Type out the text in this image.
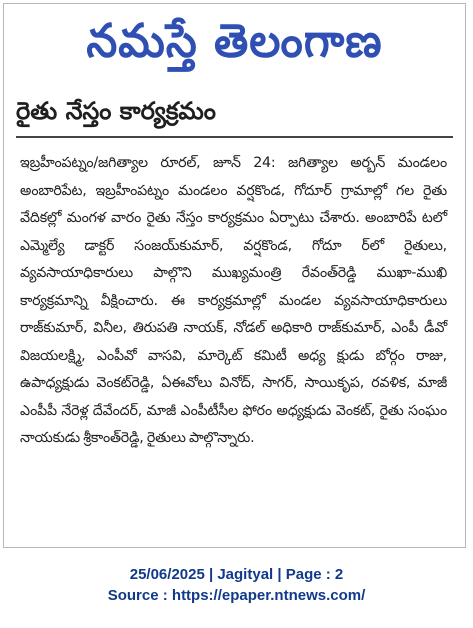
నమస్తే తెలంగాణ
రైతు నేస్తం కార్యక్రమం
ఇబ్రహీంపట్నం/జగిత్యాల రూరల్, జూన్ 24: జగిత్యాల అర్బన్ మండలం అంబారిపేట, ఇబ్రహీంపట్నం మండలం వర్షకొండ, గోదూర్ గ్రామాల్లో గల రైతు వేదికల్లో మంగళ వారం రైతు నేస్తం కార్యక్రమం ఏర్పాటు చేశారు. అంబారిపే టలో ఎమ్మెల్యే డాక్టర్ సంజయ్‌కుమార్, వర్షకొండ, గోదూ ర్‌లో రైతులు, వ్యవసాయాధికారులు పాల్గొని ముఖ్యమంత్రి రేవంత్‌రెడ్డి ముఖా-ముఖి కార్యక్రమాన్ని వీక్షించారు. ఈ కార్యక్రమాల్లో మండల వ్యవసాయాధికారులు రాజ్‌కుమార్, వినీల, తిరుపతి నాయక్, నోడల్ అధికారి రాజ్‌కుమార్, ఎంపీ డీవో విజయలక్ష్మి, ఎంపీవో వాసవి, మార్కెట్ కమిటీ అధ్య క్షుడు బోర్గం రాజు, ఉపాధ్యక్షుడు వెంకట్‌రెడ్డి, ఏఈవోలు వినోద్, సాగర్, సాయికృప, రవళిక, మాజీ ఎంపీపీ నేరెళ్ల దేవేందర్, మాజీ ఎంపీటీసీల ఫోరం అధ్యక్షుడు వెంకట్, రైతు సంఘం నాయకుడు శ్రీకాంత్‌రెడ్డి, రైతులు పాల్గొన్నారు.
25/06/2025 | Jagityal | Page : 2
Source : https://epaper.ntnews.com/
